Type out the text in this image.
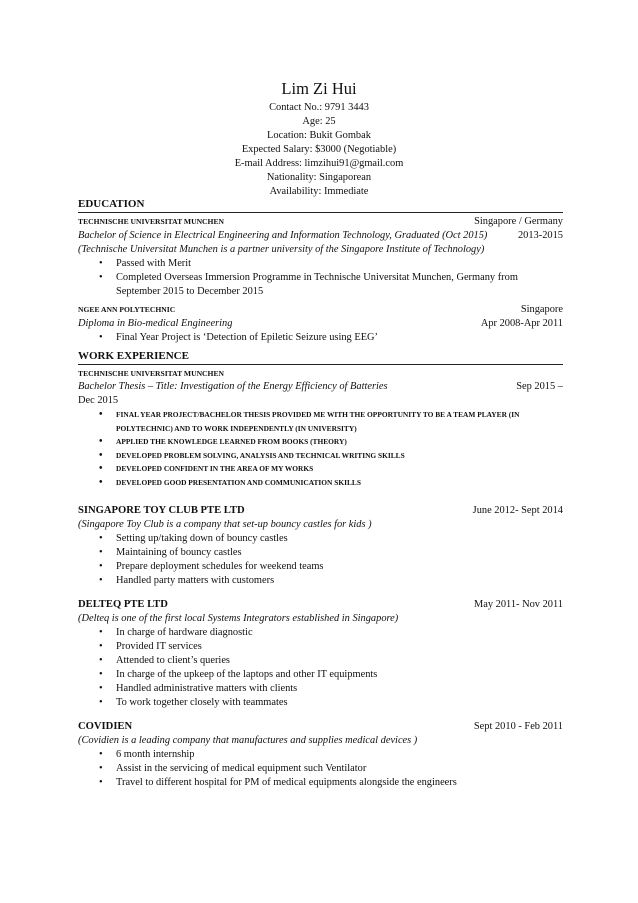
Lim Zi Hui
Contact No.: 9791 3443
Age: 25
Location: Bukit Gombak
Expected Salary: $3000 (Negotiable)
E-mail Address: limzihui91@gmail.com
Nationality: Singaporean
Availability: Immediate
EDUCATION
TECHNISCHE UNIVERSITAT MUNCHEN	Singapore / Germany
Bachelor of Science in Electrical Engineering and Information Technology, Graduated (Oct 2015)	2013-2015
(Technische Universitat Munchen is a partner university of the Singapore Institute of Technology)
• Passed with Merit
• Completed Overseas Immersion Programme in Technische Universitat Munchen, Germany from September 2015 to December 2015
NGEE ANN POLYTECHNIC	Singapore
Diploma in Bio-medical Engineering	Apr 2008-Apr 2011
• Final Year Project is ‘Detection of Epiletic Seizure using EEG’
WORK EXPERIENCE
TECHNISCHE UNIVERSITAT MUNCHEN
Bachelor Thesis – Title: Investigation of the Energy Efficiency of Batteries	Sep 2015 –
Dec 2015
• FINAL YEAR PROJECT/BACHELOR THESIS PROVIDED ME WITH THE OPPORTUNITY TO BE A TEAM PLAYER (IN POLYTECHNIC) AND TO WORK INDEPENDENTLY (IN UNIVERSITY)
• APPLIED THE KNOWLEDGE LEARNED FROM BOOKS (THEORY)
• DEVELOPED PROBLEM SOLVING, ANALYSIS AND TECHNICAL WRITING SKILLS
• DEVELOPED CONFIDENT IN THE AREA OF MY WORKS
• DEVELOPED GOOD PRESENTATION AND COMMUNICATION SKILLS
SINGAPORE TOY CLUB PTE LTD	June 2012- Sept 2014
(Singapore Toy Club is a company that set-up bouncy castles for kids )
• Setting up/taking down of bouncy castles
• Maintaining of bouncy castles
• Prepare deployment schedules for weekend teams
• Handled party matters with customers
DELTEQ PTE LTD	May 2011- Nov 2011
(Delteq is one of the first local Systems Integrators established in Singapore)
• In charge of hardware diagnostic
• Provided IT services
• Attended to client’s queries
• In charge of the upkeep of the laptops and other IT equipments
• Handled administrative matters with clients
• To work together closely with teammates
COVIDIEN	Sept 2010 - Feb 2011
(Covidien is a leading company that manufactures and supplies medical devices )
• 6 month internship
• Assist in the servicing of medical equipment such Ventilator
• Travel to different hospital for PM of medical equipments alongside the engineers
